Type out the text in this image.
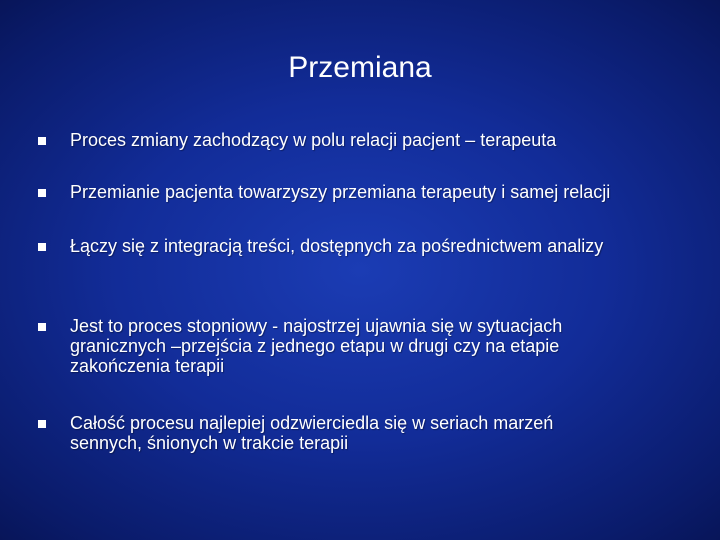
Przemiana
Proces zmiany zachodzący w polu relacji pacjent – terapeuta
Przemianie pacjenta towarzyszy przemiana terapeuty i samej relacji
Łączy się z integracją treści, dostępnych za pośrednictwem analizy
Jest to proces stopniowy - najostrzej ujawnia się w sytuacjach
granicznych –przejścia z jednego etapu w drugi czy na etapie
zakończenia terapii
Całość procesu najlepiej odzwierciedla się w seriach marzeń
sennych, śnionych w trakcie terapii
